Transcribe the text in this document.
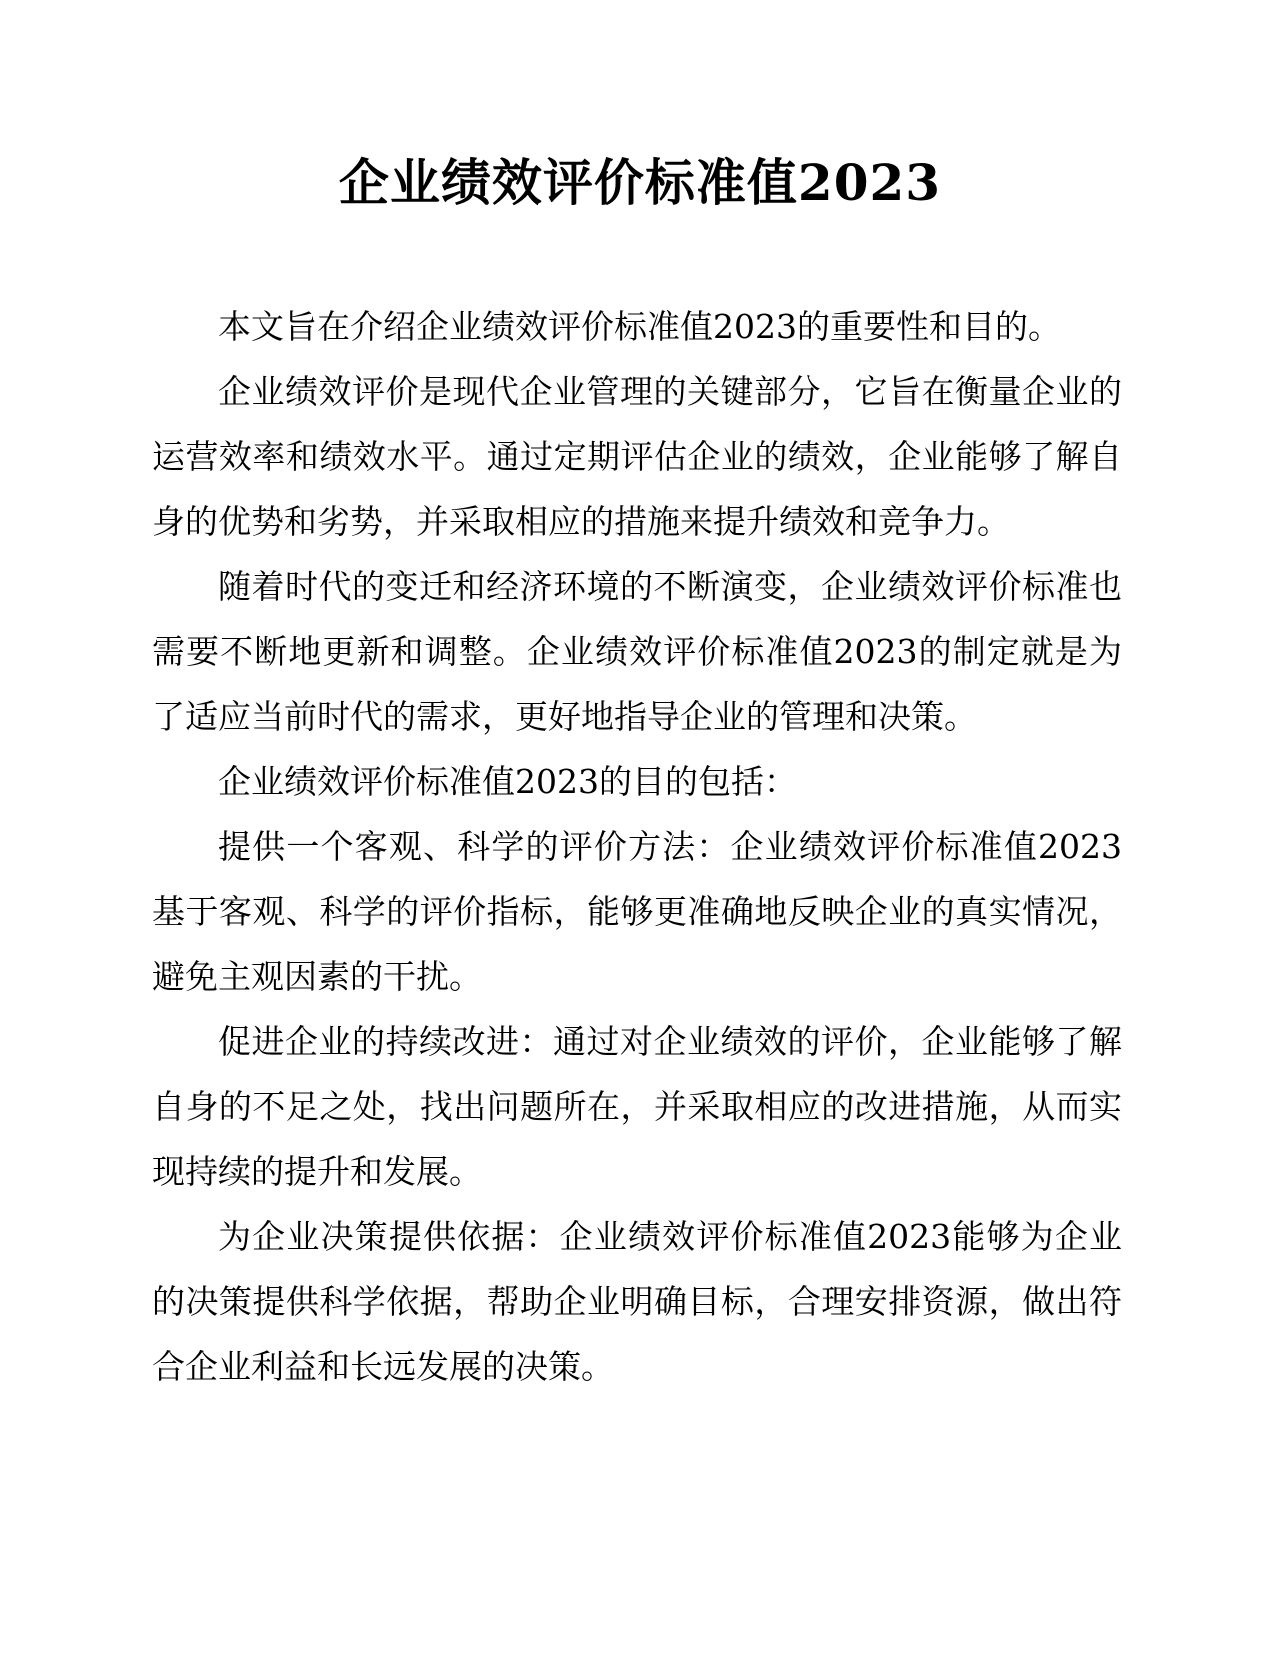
企业绩效评价标准值2023

本文旨在介绍企业绩效评价标准值2023的重要性和目的。

企业绩效评价是现代企业管理的关键部分，它旨在衡量企业的运营效率和绩效水平。通过定期评估企业的绩效，企业能够了解自身的优势和劣势，并采取相应的措施来提升绩效和竞争力。

随着时代的变迁和经济环境的不断演变，企业绩效评价标准也需要不断地更新和调整。企业绩效评价标准值2023的制定就是为了适应当前时代的需求，更好地指导企业的管理和决策。

企业绩效评价标准值2023的目的包括：

提供一个客观、科学的评价方法：企业绩效评价标准值2023基于客观、科学的评价指标，能够更准确地反映企业的真实情况，避免主观因素的干扰。

促进企业的持续改进：通过对企业绩效的评价，企业能够了解自身的不足之处，找出问题所在，并采取相应的改进措施，从而实现持续的提升和发展。

为企业决策提供依据：企业绩效评价标准值2023能够为企业的决策提供科学依据，帮助企业明确目标，合理安排资源，做出符合企业利益和长远发展的决策。
